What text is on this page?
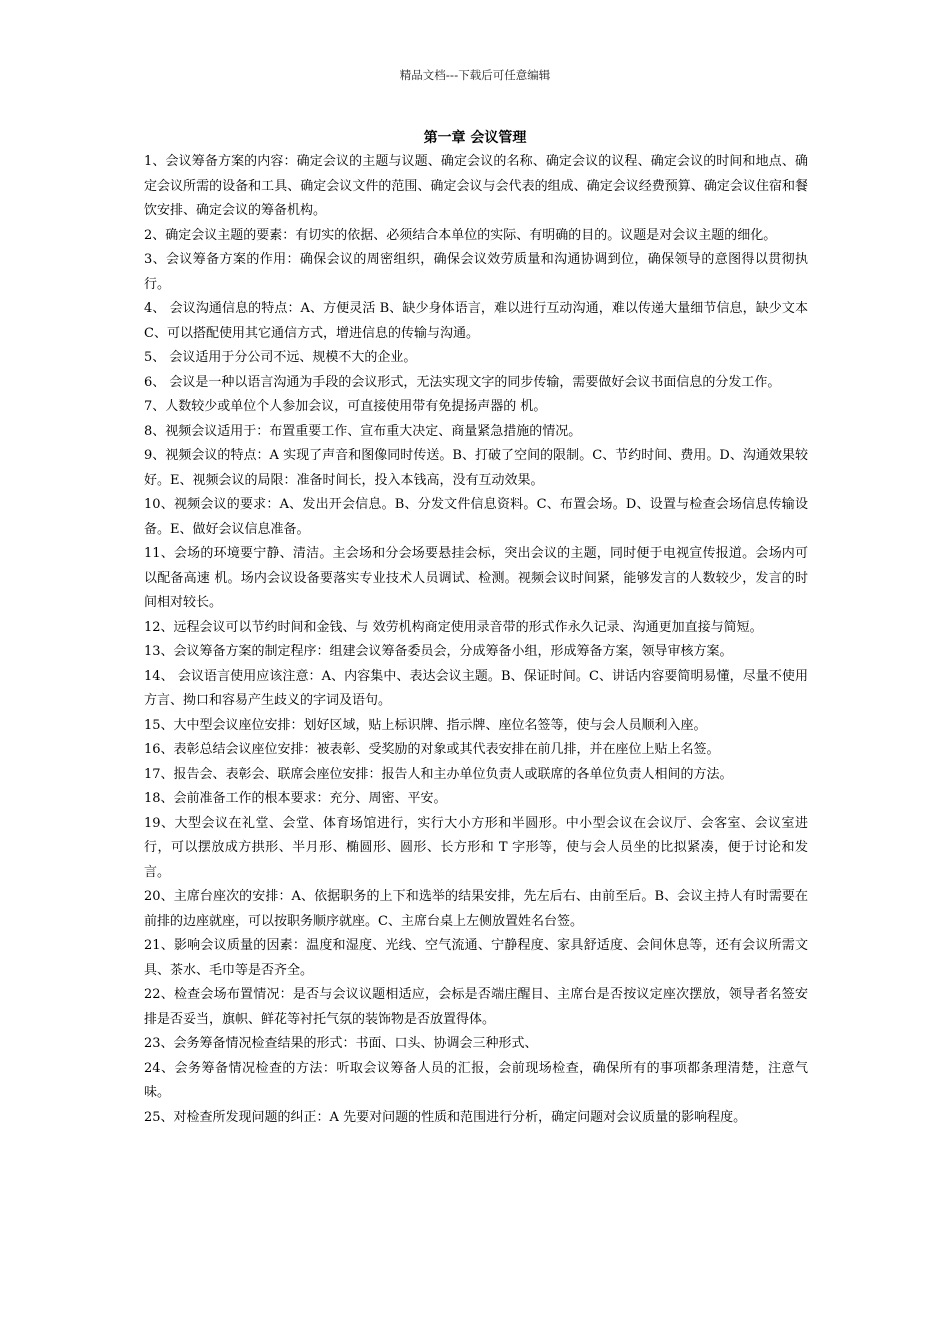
精品文档---下载后可任意编辑
第一章 会议管理

1、会议筹备方案的内容：确定会议的主题与议题、确定会议的名称、确定会议的议程、确定会议的时间和地点、确定会议所需的设备和工具、确定会议文件的范围、确定会议与会代表的组成、确定会议经费预算、确定会议住宿和餐饮安排、确定会议的筹备机构。

2、确定会议主题的要素：有切实的依据、必须结合本单位的实际、有明确的目的。议题是对会议主题的细化。

3、会议筹备方案的作用：确保会议的周密组织，确保会议效劳质量和沟通协调到位，确保领导的意图得以贯彻执行。

4、 会议沟通信息的特点：A、方便灵活 B、缺少身体语言，难以进行互动沟通，难以传递大量细节信息，缺少文本 C、可以搭配使用其它通信方式，增进信息的传输与沟通。

5、 会议适用于分公司不远、规模不大的企业。

6、 会议是一种以语言沟通为手段的会议形式，无法实现文字的同步传输，需要做好会议书面信息的分发工作。

7、人数较少或单位个人参加会议，可直接使用带有免提扬声器的 机。

8、视频会议适用于：布置重要工作、宣布重大决定、商量紧急措施的情况。

9、视频会议的特点：A 实现了声音和图像同时传送。B、打破了空间的限制。C、节约时间、费用。D、沟通效果较好。E、视频会议的局限：准备时间长，投入本钱高，没有互动效果。

10、视频会议的要求：A、发出开会信息。B、分发文件信息资料。C、布置会场。D、设置与检查会场信息传输设备。E、做好会议信息准备。

11、会场的环境要宁静、清洁。主会场和分会场要悬挂会标，突出会议的主题，同时便于电视宣传报道。会场内可以配备高速 机。场内会议设备要落实专业技术人员调试、检测。视频会议时间紧，能够发言的人数较少，发言的时间相对较长。

12、远程会议可以节约时间和金钱、与 效劳机构商定使用录音带的形式作永久记录、沟通更加直接与简短。

13、会议筹备方案的制定程序：组建会议筹备委员会，分成筹备小组，形成筹备方案，领导审核方案。

14、 会议语言使用应该注意：A、内容集中、表达会议主题。B、保证时间。C、讲话内容要简明易懂，尽量不使用方言、拗口和容易产生歧义的字词及语句。

15、大中型会议座位安排：划好区域，贴上标识牌、指示牌、座位名签等，使与会人员顺利入座。

16、表彰总结会议座位安排：被表彰、受奖励的对象或其代表安排在前几排，并在座位上贴上名签。

17、报告会、表彰会、联席会座位安排：报告人和主办单位负责人或联席的各单位负责人相间的方法。

18、会前准备工作的根本要求：充分、周密、平安。

19、大型会议在礼堂、会堂、体育场馆进行，实行大小方形和半圆形。中小型会议在会议厅、会客室、会议室进行，可以摆放成方拱形、半月形、椭圆形、圆形、长方形和 T 字形等，使与会人员坐的比拟紧凑，便于讨论和发言。

20、主席台座次的安排：A、依据职务的上下和选举的结果安排，先左后右、由前至后。B、会议主持人有时需要在前排的边座就座，可以按职务顺序就座。C、主席台桌上左侧放置姓名台签。

21、影响会议质量的因素：温度和湿度、光线、空气流通、宁静程度、家具舒适度、会间休息等，还有会议所需文具、茶水、毛巾等是否齐全。

22、检查会场布置情况：是否与会议议题相适应，会标是否端庄醒目、主席台是否按议定座次摆放，领导者名签安排是否妥当，旗帜、鲜花等衬托气氛的装饰物是否放置得体。

23、会务筹备情况检查结果的形式：书面、口头、协调会三种形式、

24、会务筹备情况检查的方法：听取会议筹备人员的汇报，会前现场检查，确保所有的事项都条理清楚，注意气味。

25、对检查所发现问题的纠正：A 先要对问题的性质和范围进行分析，确定问题对会议质量的影响程度。
